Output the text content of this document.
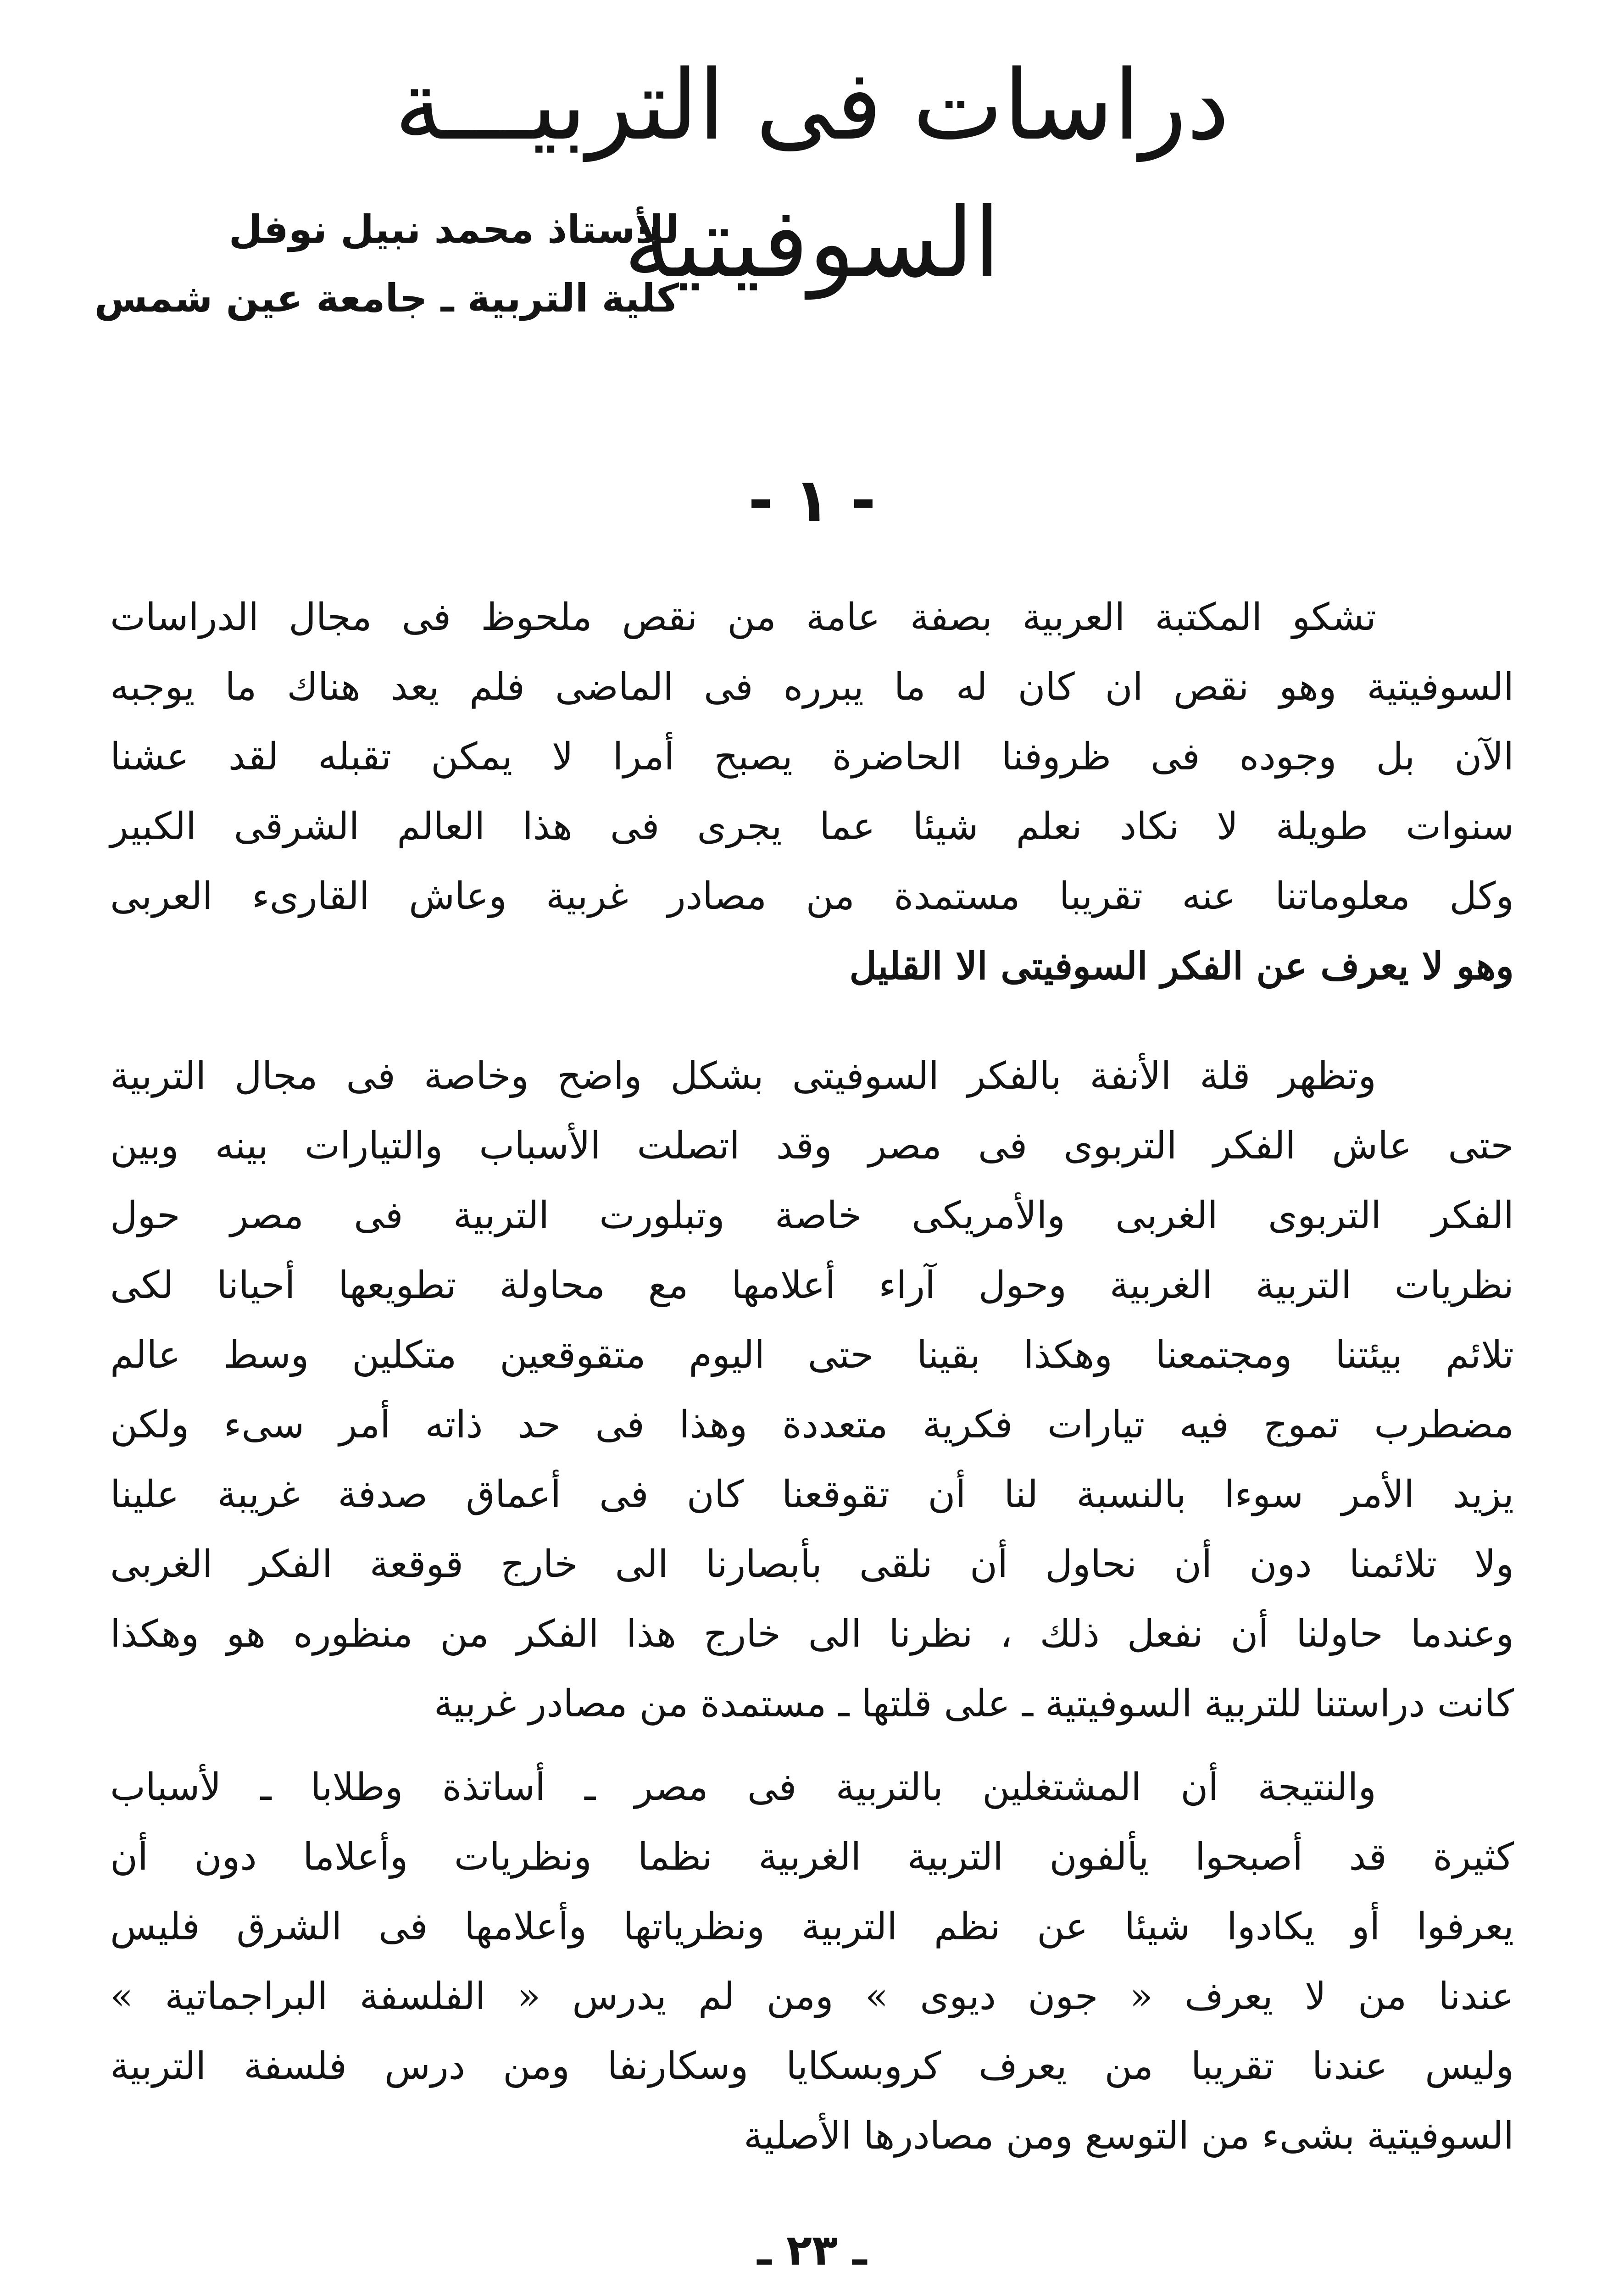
دراسات فى التربيـــة السوفيتية

للأستاذ محمد نبيل نوفل

كلية التربية ـ جامعة عين شمس

- ١ -

تشكو المكتبة العربية بصفة عامة من نقص ملحوظ فى مجال الدراسات
السوفيتية وهو نقص ان كان له ما يبرره فى الماضى فلم يعد هناك ما يوجبه
الآن بل وجوده فى ظروفنا الحاضرة يصبح أمرا لا يمكن تقبله لقد عشنا
سنوات طويلة لا نكاد نعلم شيئا عما يجرى فى هذا العالم الشرقى الكبير
وكل معلوماتنا عنه تقريبا مستمدة من مصادر غربية وعاش القارىء العربى
وهو لا يعرف عن الفكر السوفيتى الا القليل
وتظهر قلة الأنفة بالفكر السوفيتى بشكل واضح وخاصة فى مجال التربية
حتى عاش الفكر التربوى فى مصر وقد اتصلت الأسباب والتيارات بينه وبين
الفكر التربوى الغربى والأمريكى خاصة وتبلورت التربية فى مصر حول
نظريات التربية الغربية وحول آراء أعلامها مع محاولة تطويعها أحيانا لكى
تلائم بيئتنا ومجتمعنا وهكذا بقينا حتى اليوم متقوقعين متكلين وسط عالم
مضطرب تموج فيه تيارات فكرية متعددة وهذا فى حد ذاته أمر سىء ولكن
يزيد الأمر سوءا بالنسبة لنا أن تقوقعنا كان فى أعماق صدفة غريبة علينا
ولا تلائمنا دون أن نحاول أن نلقى بأبصارنا الى خارج قوقعة الفكر الغربى
وعندما حاولنا أن نفعل ذلك ، نظرنا الى خارج هذا الفكر من منظوره هو وهكذا
كانت دراستنا للتربية السوفيتية ـ على قلتها ـ مستمدة من مصادر غربية
والنتيجة أن المشتغلين بالتربية فى مصر ـ أساتذة وطلابا ـ لأسباب
كثيرة قد أصبحوا يألفون التربية الغربية نظما ونظريات وأعلاما دون أن
يعرفوا أو يكادوا شيئا عن نظم التربية ونظرياتها وأعلامها فى الشرق فليس
عندنا من لا يعرف « جون ديوى » ومن لم يدرس « الفلسفة البراجماتية »
وليس عندنا تقريبا من يعرف كروبسكايا وسكارنفا ومن درس فلسفة التربية
السوفيتية بشىء من التوسع ومن مصادرها الأصلية

ـ ٢٣ ـ
